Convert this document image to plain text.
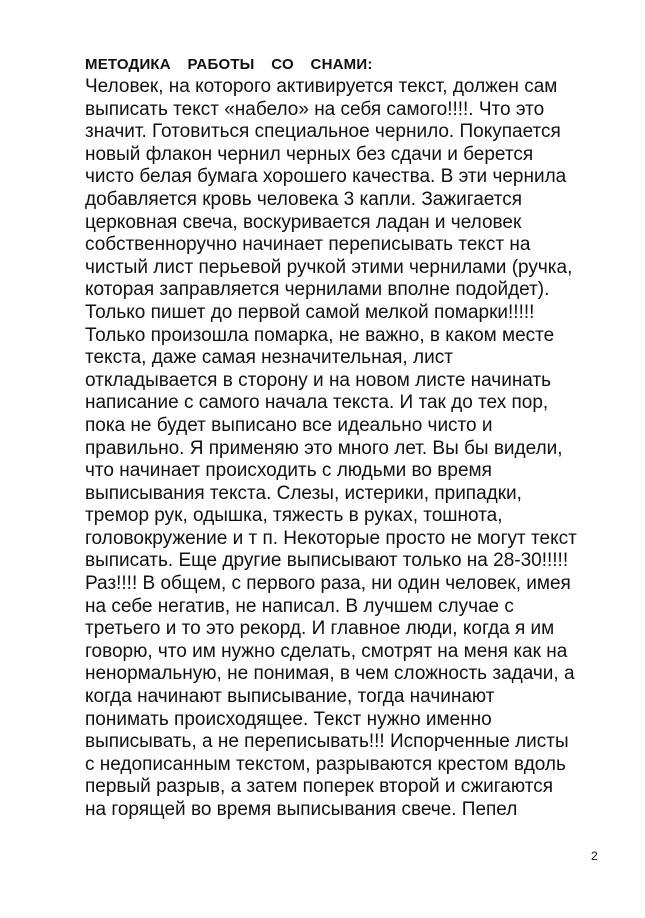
МЕТОДИКА  РАБОТЫ  СО  СНАМИ:
Человек, на которого активируется текст, должен сам
выписать текст «набело» на себя самого!!!!. Что это
значит. Готовиться специальное чернило. Покупается
новый флакон чернил черных без сдачи и берется
чисто белая бумага хорошего качества. В эти чернила
добавляется кровь человека 3 капли. Зажигается
церковная свеча, воскуривается ладан и человек
собственноручно начинает переписывать текст на
чистый лист перьевой ручкой этими чернилами (ручка,
которая заправляется чернилами вполне подойдет).
Только пишет до первой самой мелкой помарки!!!!!
Только произошла помарка, не важно, в каком месте
текста, даже самая незначительная, лист
откладывается в сторону и на новом листе начинать
написание с самого начала текста. И так до тех пор,
пока не будет выписано все идеально чисто и
правильно. Я применяю это много лет. Вы бы видели,
что начинает происходить с людьми во время
выписывания текста. Слезы, истерики, припадки,
тремор рук, одышка, тяжесть в руках, тошнота,
головокружение и т п. Некоторые просто не могут текст
выписать. Еще другие выписывают только на 28-30!!!!!
Раз!!!! В общем, с первого раза, ни один человек, имея
на себе негатив, не написал. В лучшем случае с
третьего и то это рекорд. И главное люди, когда я им
говорю, что им нужно сделать, смотрят на меня как на
ненормальную, не понимая, в чем сложность задачи, а
когда начинают выписывание, тогда начинают
понимать происходящее. Текст нужно именно
выписывать, а не переписывать!!! Испорченные листы
с недописанным текстом, разрываются крестом вдоль
первый разрыв, а затем поперек второй и сжигаются
на горящей во время выписывания свече. Пепел
2
